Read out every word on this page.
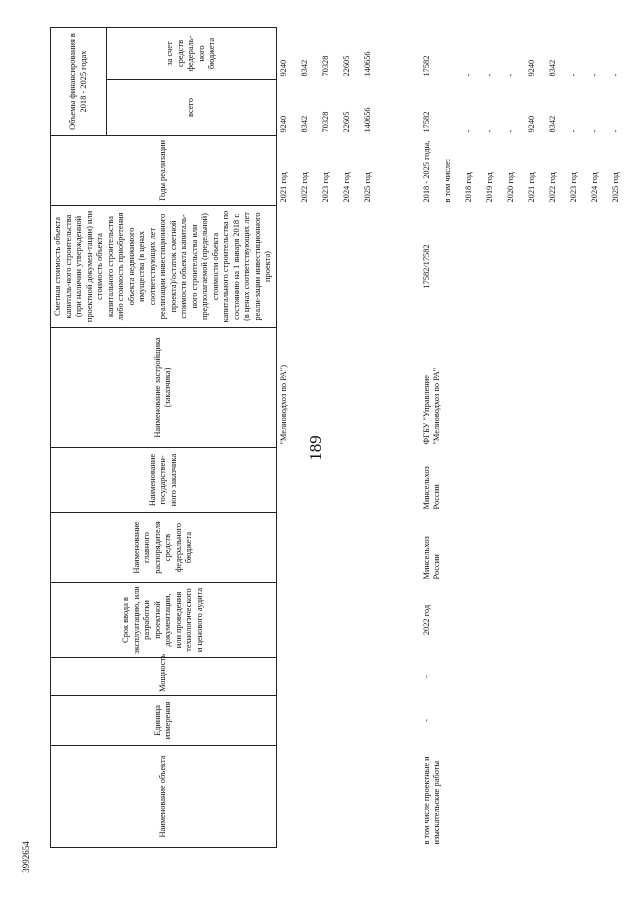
189
3992654
Наименование объекта	Единица измерения	Мощность	Срок ввода в эксплуатацию, или разработки проектной документации, или проведения технологического и ценового аудита	Наименование главного распорядителя средств федерального бюджета	Наименование государствен-ного заказчика	Наименование застройщика (заказчика)	Сметная стоимость объекта капиталь-ного строительства (при наличии утвержденной проектной докумен-тации) или стоимость объекта капитального строительства либо стоимость приобретения объекта недвижимого имущества (в ценах соответствующих лет реализации инвестиционного проекта)/остаток сметной стоимости объекта капиталь-ного строительства или предполагаемой (предельной) стоимости объекта капитального строительства по состоянию на 1 января 2018 г. (в ценах соответствующих лет реали-зации инвестиционного проекта)	Годы реализации	Объемы финансирования в 2018 - 2025 годах	
									всего	за счет средств федераль-ного бюджета
						"Мелиоводхоз по РА")		2021 год	9240	9240
								2022 год	8342	8342
								2023 год	70328	70328
								2024 год	22605	22605
								2025 год	140656	140656

в том числе проектные и изыскательские работы	-	-	2022 год	Минсельхоз России	Минсельхоз России	ФГБУ "Управление "Мелиоводхоз по РА"	17582/17582	2018 - 2025 годы,	17582	17582
								в том числе:		
								2018 год	-	-
								2019 год	-	-
								2020 год	-	-
								2021 год	9240	9240
								2022 год	8342	8342
								2023 год	-	-
								2024 год	-	-
								2025 год	-	-
